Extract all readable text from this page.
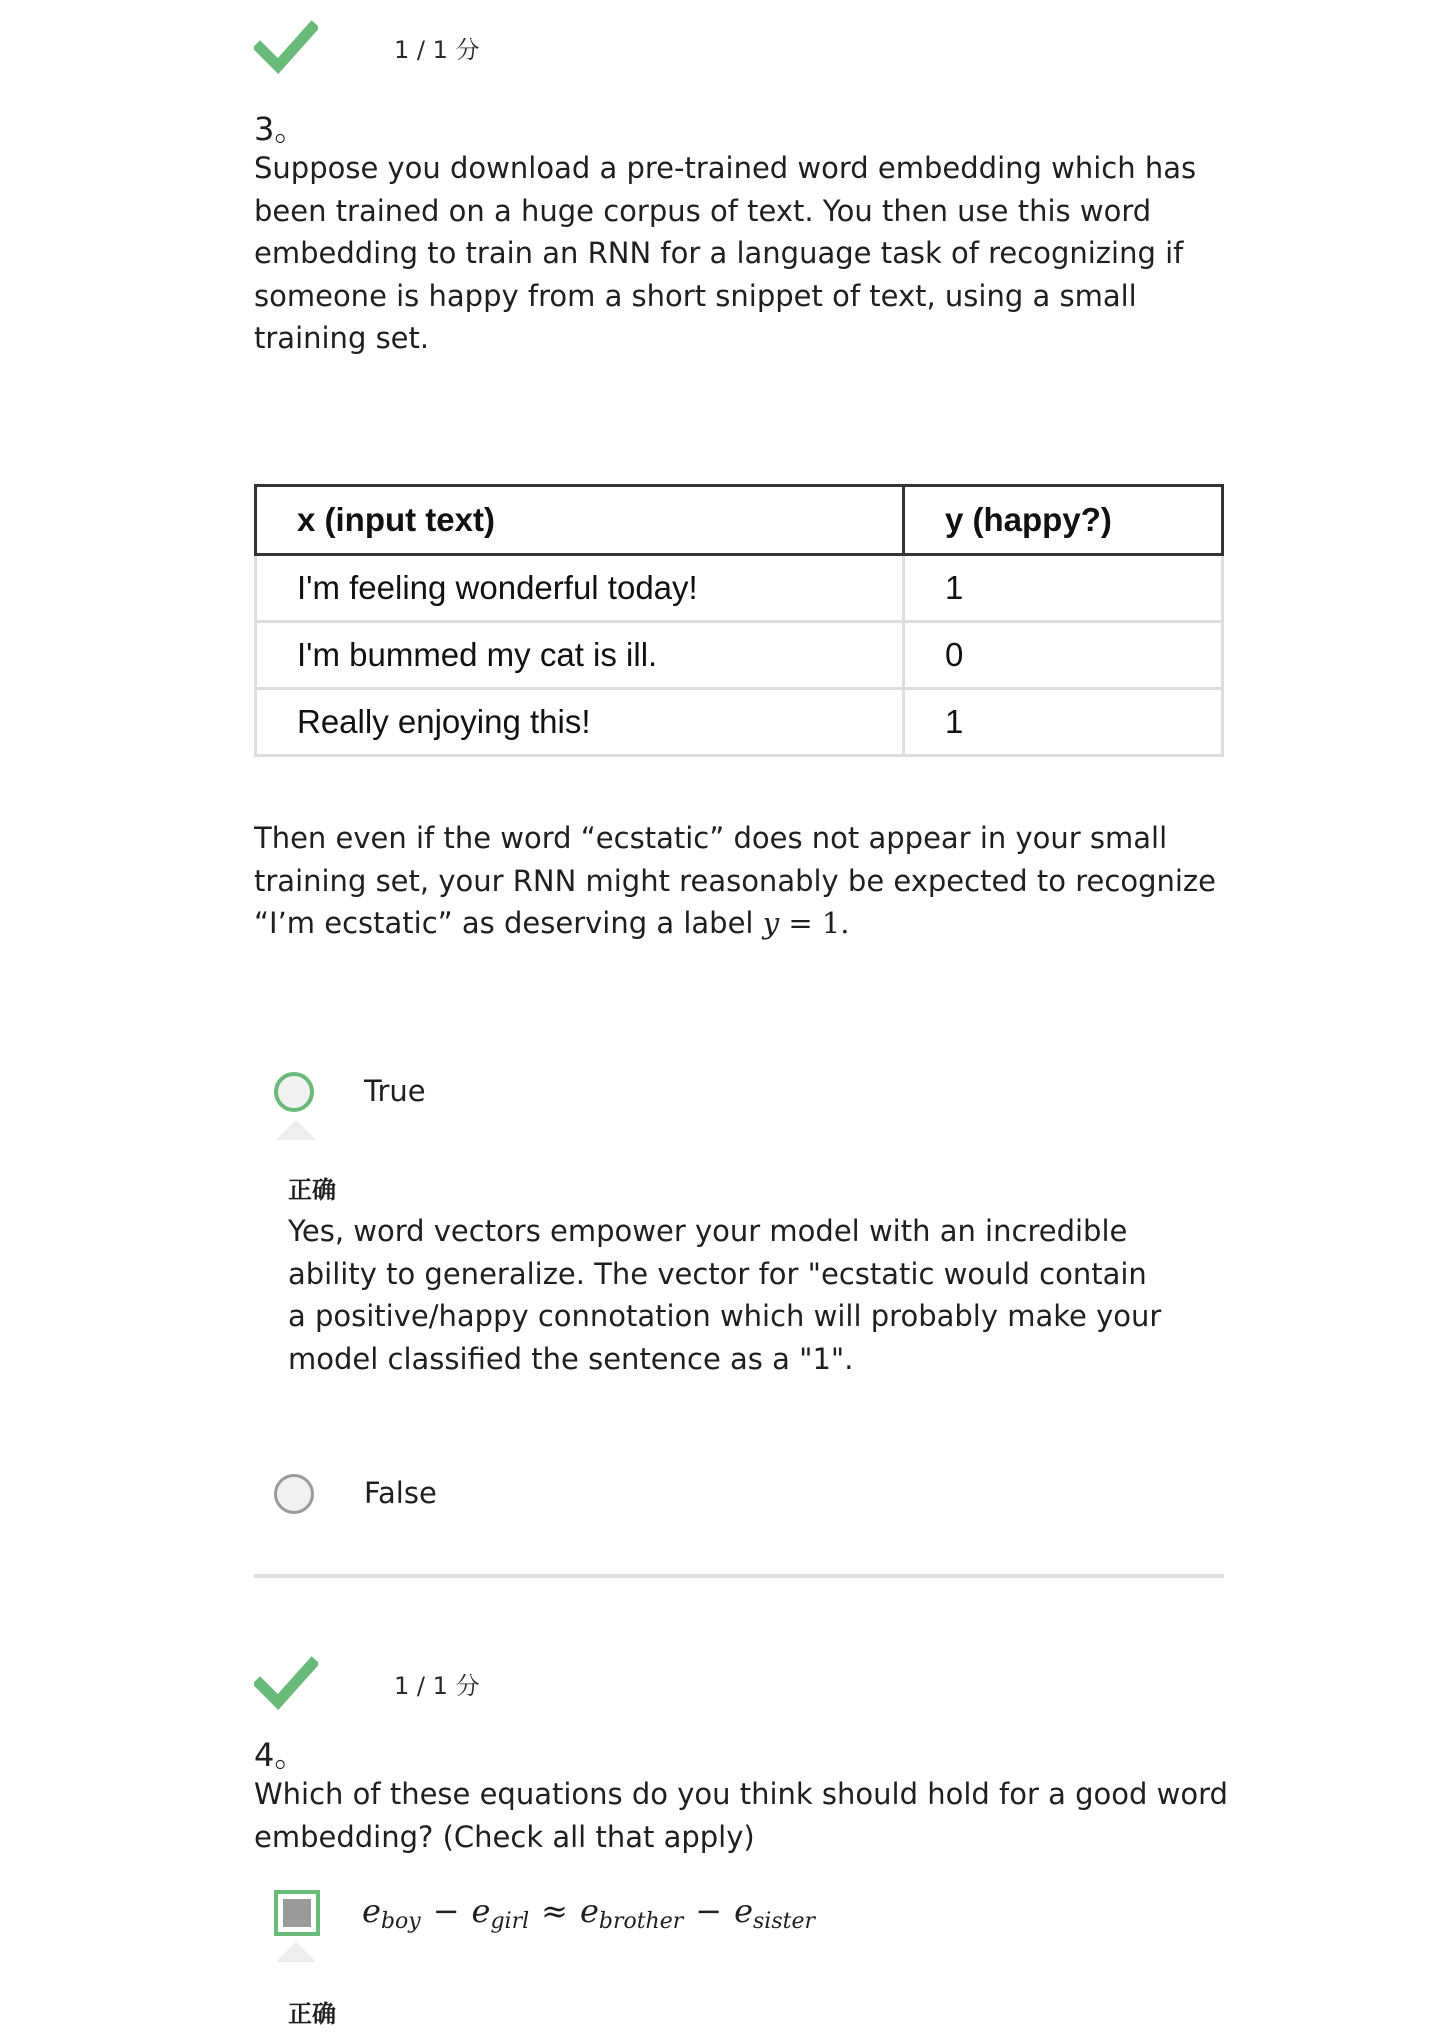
1 / 1 分
3。
Suppose you download a pre-trained word embedding which has been trained on a huge corpus of text. You then use this word embedding to train an RNN for a language task of recognizing if someone is happy from a short snippet of text, using a small training set.
x (input text)	y (happy?)
I'm feeling wonderful today!	1
I'm bummed my cat is ill.	0
Really enjoying this!	1
Then even if the word “ecstatic” does not appear in your small training set, your RNN might reasonably be expected to recognize “I’m ecstatic” as deserving a label y = 1.
True
正确
Yes, word vectors empower your model with an incredible ability to generalize. The vector for "ecstatic would contain a positive/happy connotation which will probably make your model classified the sentence as a "1".
False
1 / 1 分
4。
Which of these equations do you think should hold for a good word embedding? (Check all that apply)
$e_{boy} - e_{girl} \approx e_{brother} - e_{sister}$
正确
